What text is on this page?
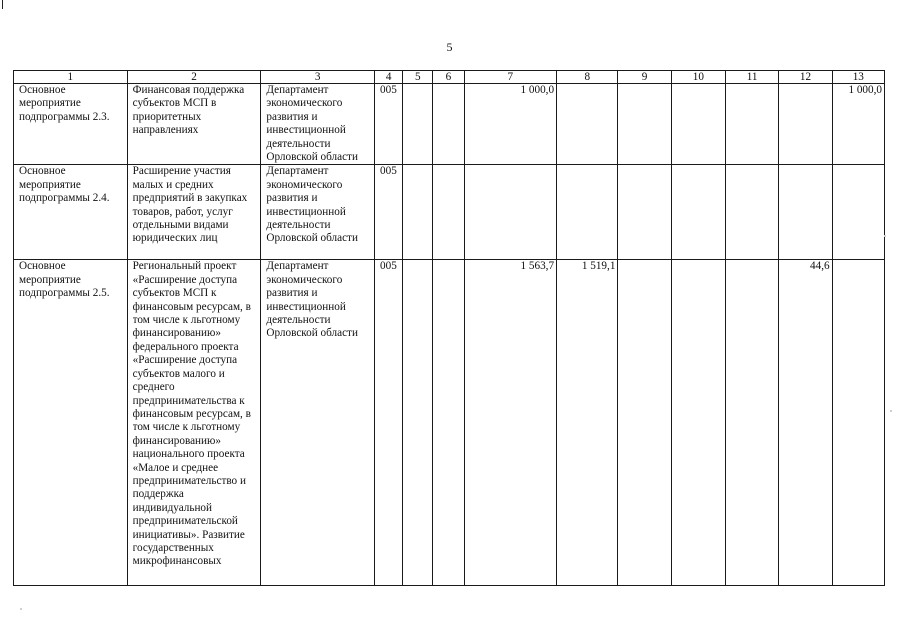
5
1	2	3	4	5	6	7	8	9	10	11	12	13
Основное мероприятие подпрограммы 2.3.	Финансовая поддержка субъектов МСП в приоритетных направлениях	Департамент экономического развития и инвестиционной деятельности Орловской области	005			1 000,0						1 000,0
Основное мероприятие подпрограммы 2.4.	Расширение участия малых и средних предприятий в закупках товаров, работ, услуг отдельными видами юридических лиц	Департамент экономического развития и инвестиционной деятельности Орловской области	005									
Основное мероприятие подпрограммы 2.5.	Региональный проект «Расширение доступа субъектов МСП к финансовым ресурсам, в том числе к льготному финансированию» федерального проекта «Расширение доступа субъектов малого и среднего предпринимательства к финансовым ресурсам, в том числе к льготному финансированию» национального проекта «Малое и среднее предпринимательство и поддержка индивидуальной предпринимательской инициативы». Развитие государственных микрофинансовых	Департамент экономического развития и инвестиционной деятельности Орловской области	005			1 563,7	1 519,1				44,6	
